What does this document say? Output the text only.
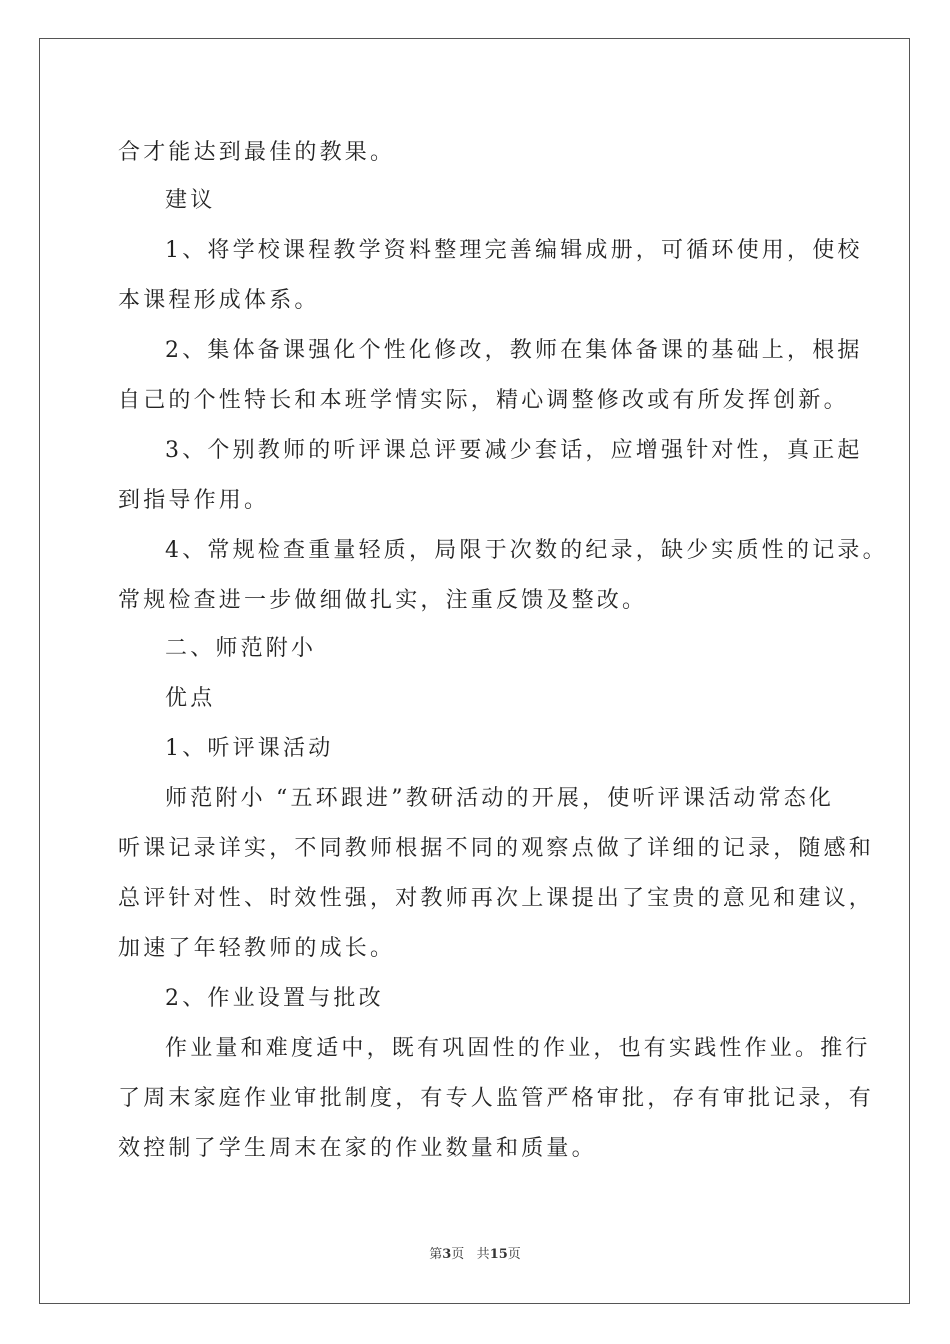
合才能达到最佳的教果。
建议
1、将学校课程教学资料整理完善编辑成册，可循环使用，使校
本课程形成体系。
2、集体备课强化个性化修改，教师在集体备课的基础上，根据
自己的个性特长和本班学情实际，精心调整修改或有所发挥创新。
3、个别教师的听评课总评要减少套话，应增强针对性，真正起
到指导作用。
4、常规检查重量轻质，局限于次数的纪录，缺少实质性的记录。
常规检查进一步做细做扎实，注重反馈及整改。
二、师范附小
优点
1、听评课活动
师范附小 “五环跟进”教研活动的开展，使听评课活动常态化
听课记录详实，不同教师根据不同的观察点做了详细的记录，随感和
总评针对性、时效性强，对教师再次上课提出了宝贵的意见和建议，
加速了年轻教师的成长。
2、作业设置与批改
作业量和难度适中，既有巩固性的作业，也有实践性作业。推行
了周末家庭作业审批制度，有专人监管严格审批，存有审批记录，有
效控制了学生周末在家的作业数量和质量。
第3页 共15页
